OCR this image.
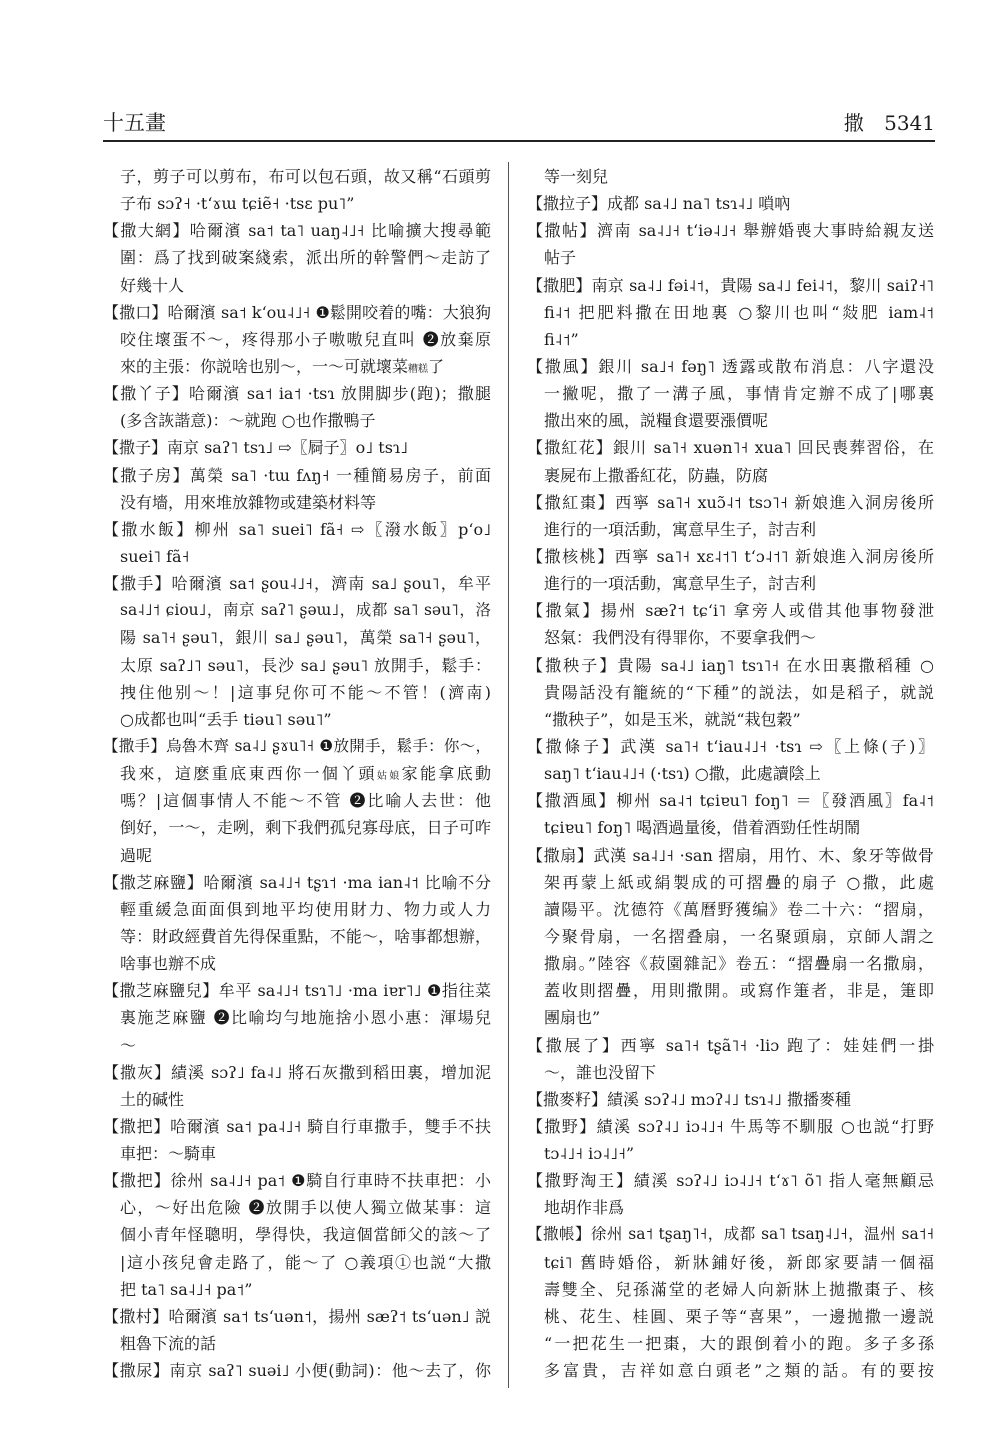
十五畫	撒 5341
子，剪子可以剪布，布可以包石頭，故又稱“石頭剪
子布 sɔʔ˧ ·tʻɤɯ tɕiẽ˧ ·tsɛ pu˥”
【撒大網】哈爾濱 sa˦ ta˥ uaŋ˨˩˧ 比喻擴大搜尋範
圍：爲了找到破案綫索，派出所的幹警們～走訪了
好幾十人
【撒口】哈爾濱 sa˦ kʻou˨˩˧ ❶鬆開咬着的嘴：大狼狗
咬住壞蛋不～，疼得那小子嗷嗷兒直叫 ❷放棄原
來的主張：你説啥也别～，一～可就壞菜糟糕了
【撒丫子】哈爾濱 sa˦ ia˦ ·tsɿ 放開脚步(跑)；撒腿
(多含詼諧意)：～就跑 ○也作撒鴨子
【撒子】南京 saʔ˥ tsɿ˩ ⇨〖屙子〗o˩ tsɿ˩
【撒子房】萬榮 sa˥ ·tɯ fʌŋ˧ 一種簡易房子，前面
没有墻，用來堆放雜物或建築材料等
【撒水飯】柳州 sa˥ suei˥ fã˧ ⇨〖潑水飯〗pʻo˩
suei˥ fã˧
【撒手】哈爾濱 sa˦ ʂou˨˩˧，濟南 sa˩ ʂou˥，牟平
sa˨˩˦ ɕiou˩，南京 saʔ˥ ʂəɯ˩，成都 sa˥ səu˥，洛
陽 sa˥˧ ʂəu˥，銀川 sa˩ ʂəu˥，萬榮 sa˥˧ ʂəu˥，
太原 saʔ˩˥ səu˥，長沙 sa˩ ʂəu˥ 放開手，鬆手：
拽住他别～！|這事兒你可不能～不管！(濟南)
○成都也叫“丢手 tiəu˥ səu˥”
【撒手】烏魯木齊 sa˨˩ ʂɤu˥˧ ❶放開手，鬆手：你～，
我來，這麽重底東西你一個丫頭姑娘家能拿底動
嗎？|這個事情人不能～不管 ❷比喻人去世：他
倒好，一～，走咧，剩下我們孤兒寡母底，日子可咋
過呢
【撒芝麻鹽】哈爾濱 sa˨˩˧ tʂɿ˦ ·ma ian˨˦ 比喻不分
輕重緩急面面俱到地平均使用財力、物力或人力
等：財政經費首先得保重點，不能～，啥事都想辦，
啥事也辦不成
【撒芝麻鹽兒】牟平 sa˨˩˧ tsɿ˥˩ ·ma iɐr˥˩ ❶指往菜
裏施芝麻鹽 ❷比喻均勻地施捨小恩小惠：渾場兒
～
【撒灰】績溪 sɔʔ˩ fa˨˩ 將石灰撒到稻田裏，增加泥
土的碱性
【撒把】哈爾濱 sa˦ pa˨˩˧ 騎自行車撒手，雙手不扶
車把：～騎車
【撒把】徐州 sa˨˩˧ pa˦ ❶騎自行車時不扶車把：小
心，～好出危險 ❷放開手以使人獨立做某事：這
個小青年怪聰明，學得快，我這個當師父的該～了
|這小孩兒會走路了，能～了 ○義項①也説“大撒
把 ta˥ sa˨˩˧ pa˦”
【撒村】哈爾濱 sa˦ tsʻuən˦，揚州 sæʔ˦ tsʻuən˩ 説
粗魯下流的話
【撒尿】南京 saʔ˥ suəi˩ 小便(動詞)：他～去了，你
等一刻兒
【撒拉子】成都 sa˨˩ na˥ tsɿ˨˩ 嗩吶
【撒帖】濟南 sa˨˩˧ tʻiə˨˩˧ 舉辦婚喪大事時給親友送
帖子
【撒肥】南京 sa˨˩ fəi˨˦，貴陽 sa˨˩ fei˨˦，黎川 saiʔ˧˥
fi˨˦ 把肥料撒在田地裏 ○黎川也叫“敥肥 iam˨˦
fi˨˦”
【撒風】銀川 sa˩˧ fəŋ˥ 透露或散布消息：八字還没
一撇呢，撒了一溝子風，事情肯定辦不成了|哪裏
撒出來的風，説糧食還要漲價呢
【撒紅花】銀川 sa˥˧ xuən˥˧ xua˥ 回民喪葬習俗，在
裹屍布上撒番紅花，防蟲，防腐
【撒紅棗】西寧 sa˥˧ xuɔ̃˨˦ tsɔ˥˧ 新娘進入洞房後所
進行的一項活動，寓意早生子，討吉利
【撒核桃】西寧 sa˥˧ xɛ˨˦˥ tʻɔ˨˦˥ 新娘進入洞房後所
進行的一項活動，寓意早生子，討吉利
【撒氣】揚州 sæʔ˦ tɕʻi˥ 拿旁人或借其他事物發泄
怒氣：我們没有得罪你，不要拿我們～
【撒秧子】貴陽 sa˨˩ iaŋ˥ tsɿ˥˧ 在水田裏撒稻種 ○
貴陽話没有籠統的“下種”的説法，如是稻子，就説
“撒秧子”，如是玉米，就説“栽包穀”
【撒條子】武漢 sa˥˧ tʻiau˨˩˧ ·tsɿ ⇨〖上條(子)〗
saŋ˥ tʻiau˨˩˧ (·tsɿ) ○撒，此處讀陰上
【撒酒風】柳州 sa˨˦ tɕiɐu˥ foŋ˥ ＝〖發酒風〗fa˨˦
tɕiɐu˥ foŋ˥ 喝酒過量後，借着酒勁任性胡鬧
【撒扇】武漢 sa˨˩˧ ·san 摺扇，用竹、木、象牙等做骨
架再蒙上紙或絹製成的可摺疊的扇子 ○撒，此處
讀陽平。沈德符《萬曆野獲编》卷二十六：“摺扇，
今聚骨扇，一名摺叠扇，一名聚頭扇，京師人謂之
撒扇。”陸容《菽園雜記》卷五：“摺疊扇一名撒扇，
蓋收則摺疊，用則撒開。或寫作箑者，非是，箑即
團扇也”
【撒展了】西寧 sa˥˧ tʂã˥˧ ·liɔ 跑了：娃娃們一掛
～，誰也没留下
【撒麥籽】績溪 sɔʔ˨˩ mɔʔ˨˩ tsɿ˨˩ 撒播麥種
【撒野】績溪 sɔʔ˨˩ iɔ˨˩˧ 牛馬等不馴服 ○也説“打野
tɔ˨˩˧ iɔ˨˩˧”
【撒野淘王】績溪 sɔʔ˨˩ iɔ˨˩˧ tʻɤ˥ õ˥ 指人毫無顧忌
地胡作非爲
【撒帳】徐州 sa˦ tʂaŋ˥˧，成都 sa˥ tsaŋ˨˩˧，温州 sa˦˧
tɕi˥ 舊時婚俗，新牀鋪好後，新郎家要請一個福
壽雙全、兒孫滿堂的老婦人向新牀上拋撒棗子、核
桃、花生、桂圓、栗子等“喜果”，一邊拋撒一邊説
“一把花生一把棗，大的跟倒着小的跑。多子多孫
多富貴，吉祥如意白頭老”之類的話。有的要按
